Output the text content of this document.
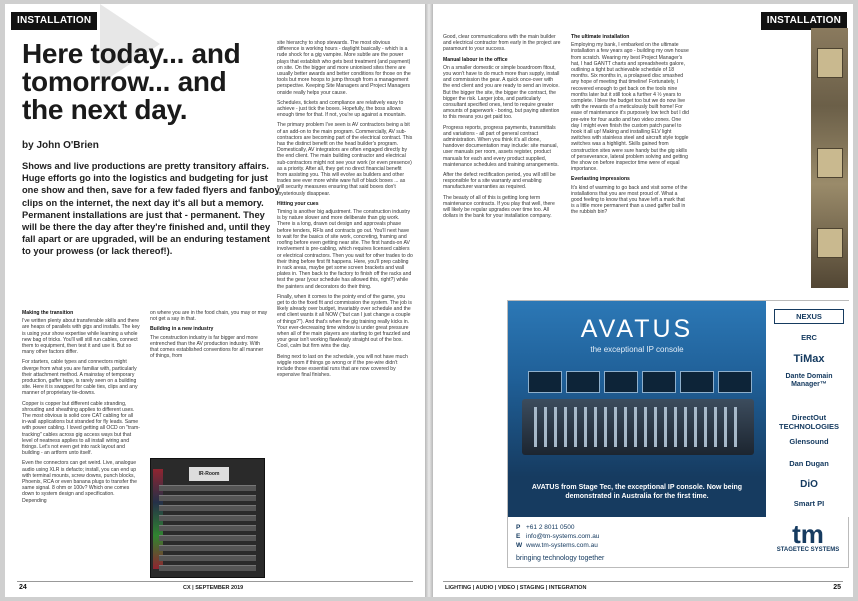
INSTALLATION
Here today... and tomorrow... and the next day.
by John O'Brien
Shows and live productions are pretty transitory affairs. Huge efforts go into the logistics and budgeting for just one show and then, save for a few faded flyers and fanboy clips on the internet, the next day it's all but a memory. Permanent installations are just that - permanent. They will be there the day after they're finished and, until they fall apart or are upgraded, will be an enduring testament to your prowess (or lack thereof!).

Making the transition
I've written plenty about transferable skills and there are heaps of parallels with gigs and installs. The key is using your show expertise while learning a whole new bag of tricks. You'll will still run cables, connect them to equipment, then test it and use it. But so many other factors differ.

For starters, cable types and connectors might diverge from what you are familiar with, particularly their attachment method. A mainstay of temporary production, gaffer tape, is rarely seen on a building site. Here it is swapped for cable ties, clips and any manner of proprietary tie-downs.

Copper is copper but different cable stranding, shrouding and sheathing applies to different uses. The most obvious is solid core CAT cabling for all in-wall applications but stranded for fly leads. Same with power cabling. I loved getting all OCD on "tram-tracking" cables across gig access ways but that level of neatness applies to all install wiring and fixings. Let's not even get into rack layout and building - an artform unto itself.

Even the connectors can get weird. Live, analogue audio using XLR is defacto; install, you can end up with terminal mounts, screw downs, punch blocks, Phoenix, RCA or even banana plugs to transfer the same signal. 8 ohm or 100v? Which one comes down to system design and specification. Depending

on where you are in the food chain, you may or may not get a say in that.

Building in a new industry
The construction industry is far bigger and more entrenched than the AV production industry. With that comes established conventions for all manner of things, from

IR-Room

site hierarchy to shop stewards. The most obvious difference is working hours - daylight basically - which is a rude shock for a gig vampire. More subtle are the power plays that establish who gets best treatment (and payment) on site. On the bigger and more unionised sites there are usually better awards and better conditions for those on the tools but more hoops to jump through from a management perspective. Keeping Site Managers and Project Managers onside really helps your cause.

Schedules, tickets and compliance are relatively easy to achieve - just tick the boxes. Hopefully, the boss allows enough time for that. If not, you're up against a mountain.

The primary problem I've seen is AV contractors being a bit of an add-on to the main program. Commercially, AV sub-contractors are becoming part of the electrical contract. This has the distinct benefit on the head builder's program. Domestically, AV integrators are often engaged directly by the end client. The main building contractor and electrical sub-contractors might not see your work (or even presence) as a priority. After all, they get no direct financial benefit from assisting you. This will evolve as builders and other trades see ever more white ware full of black boxes ... as will security measures ensuring that said boxes don't mysteriously disappear.

Hitting your cues
Timing is another big adjustment. The construction industry is by nature slower and more deliberate than gig work. There is a long, drawn out design and approvals phase before tenders, RFIs and contracts go out. You'll next have to wait for the basics of site work, concreting, framing and roofing before even getting near site. The first hands-on AV involvement is pre-cabling, which requires licensed cablers or electrical contractors. Then you wait for other trades to do their thing before first fit happens. Here, you'll prep cabling in rack areas, maybe get some screen brackets and wall plates in. Then back to the factory to finish off the racks and test the gear (your schedule has allowed this, right?) while the painters and decorators do their thing.

Finally, when it comes to the pointy end of the game, you get to do the fixed fit and commission the system. The job is likely already over budget, invariably over schedule and the end client wants it all NOW ("but can I just change a couple of things?"). And that's when the gig training really kicks in. Your ever-decreasing time window is under great pressure when all of the main players are starting to get frazzled and your gear isn't working flawlessly straight out of the box. Cool, calm but firm wins the day.

Being next to last on the schedule, you will not have much wiggle room if things go wrong or if the pre-wire didn't include those essential runs that are now covered by expensive final finishes.

24	CX | SEPTEMBER 2019
INSTALLATION

Good, clear communications with the main builder and electrical contractor from early in the project are paramount to your success.

Manual labour in the office
On a smaller domestic or simple boardroom fitout, you won't have to do much more than supply, install and commission the gear. A quick once-over with the end client and you are ready to send an invoice. But the bigger the site, the bigger the contract, the bigger the risk. Larger jobs, and particularly consultant specified ones, tend to require greater amounts of paperwork - boring, but paying attention to this means you get paid too.

Progress reports, progress payments, transmittals and variations - all part of general contract administration. When you think it's all done, handover documentation may include: site manual, user manuals per room, assets register, product manuals for each and every product supplied, maintenance schedules and training arrangements.

After the defect rectification period, you will still be responsible for a site warranty and enabling manufacturer warranties as required.

The beauty of all of this is getting long term maintenance contracts. If you play that well, there will likely be regular upgrades over time too. All dollars in the bank for your installation company.

The ultimate installation
Employing my bank, I embarked on the ultimate installation a few years ago - building my own house from scratch. Wearing my best Project Manager's hat, I had GANTT charts and spreadsheets galore, outlining a tight but achievable schedule of 18 months. Six months in, a prolapsed disc smashed any hope of meeting that timeline! Fortunately, I recovered enough to get back on the tools nine months later but it still took a further 4 ½ years to complete. I blew the budget too but we do now live with the rewards of a meticulously built home! For ease of maintenance it's purposely low tech but I did pre-wire for four audio and two video zones. One day I might even finish the custom patch panel to hook it all up! Making and installing ELV light switches with stainless steel and aircraft style toggle switches was a highlight. Skills gained from construction sites were sure handy but the gig skills of perseverance, lateral problem solving and getting the show on before inspector time were of equal importance.

Everlasting impressions
It's kind of warming to go back and visit some of the installations that you are most proud of. What a good feeling to know that you have left a mark that is a little more permanent than a used gaffer ball in the rubbish bin?

AVATUS
the exceptional IP console
AVATUS from Stage Tec, the exceptional IP console. Now being demonstrated in Australia for the first time.
NEXUS
ERC
TiMax
Dante Domain Manager™
DirectOut TECHNOLOGIES
Glensound
Dan Dugan
DiO
Smart PI
P +61 2 8011 0500
E info@tm-systems.com.au
W www.tm-systems.com.au
bringing technology together
tm
STAGETEC SYSTEMS
LIGHTING | AUDIO | VIDEO | STAGING | INTEGRATION	25
